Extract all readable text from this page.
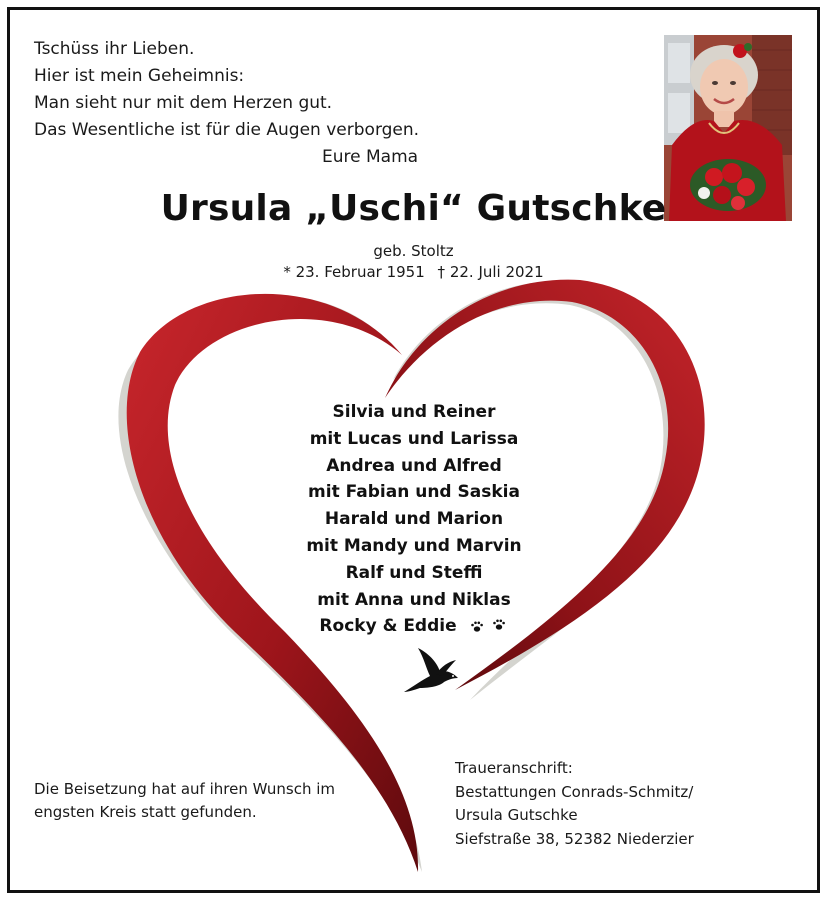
Tschüss ihr Lieben.
Hier ist mein Geheimnis:
Man sieht nur mit dem Herzen gut.
Das Wesentliche ist für die Augen verborgen.
Eure Mama
Ursula „Uschi“ Gutschke
geb. Stoltz
* 23. Februar 1951 † 22. Juli 2021
Silvia und Reiner
mit Lucas und Larissa
Andrea und Alfred
mit Fabian und Saskia
Harald und Marion
mit Mandy und Marvin
Ralf und Steffi
mit Anna und Niklas
Rocky & Eddie
Die Beisetzung hat auf ihren Wunsch im
engsten Kreis statt gefunden.
Traueranschrift:
Bestattungen Conrads-Schmitz/
Ursula Gutschke
Siefstraße 38, 52382 Niederzier
